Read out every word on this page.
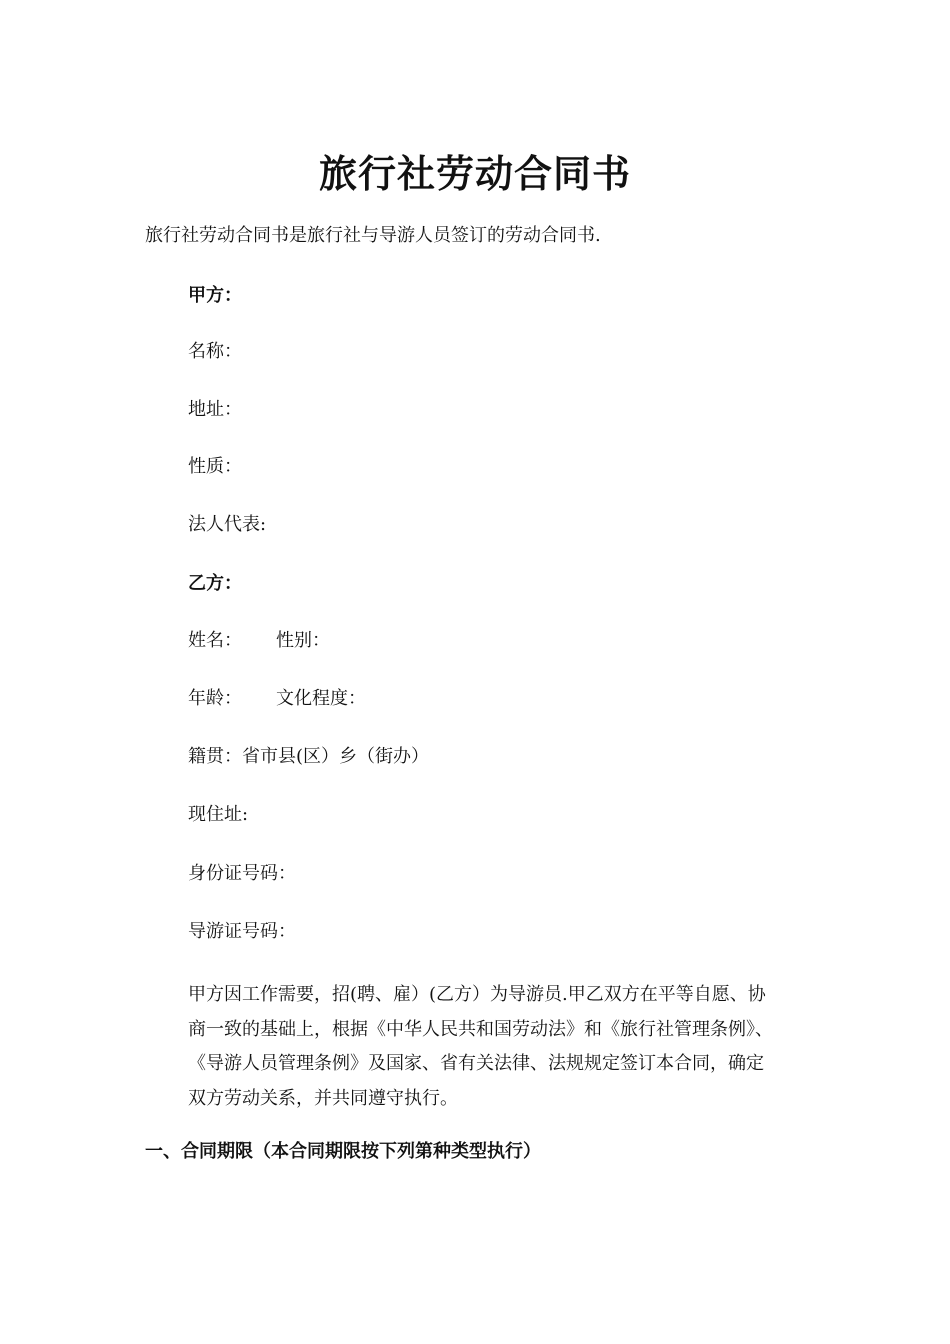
旅行社劳动合同书
旅行社劳动合同书是旅行社与导游人员签订的劳动合同书.
甲方：
名称：
地址：
性质：
法人代表:
乙方：
姓名： 性别：
年龄： 文化程度：
籍贯：省市县(区）乡（街办）
现住址:
身份证号码：
导游证号码：
甲方因工作需要，招(聘、雇）(乙方）为导游员.甲乙双方在平等自愿、协
商一致的基础上，根据《中华人民共和国劳动法》和《旅行社管理条例》、
《导游人员管理条例》及国家、省有关法律、法规规定签订本合同，确定
双方劳动关系，并共同遵守执行。
一、合同期限（本合同期限按下列第种类型执行）
